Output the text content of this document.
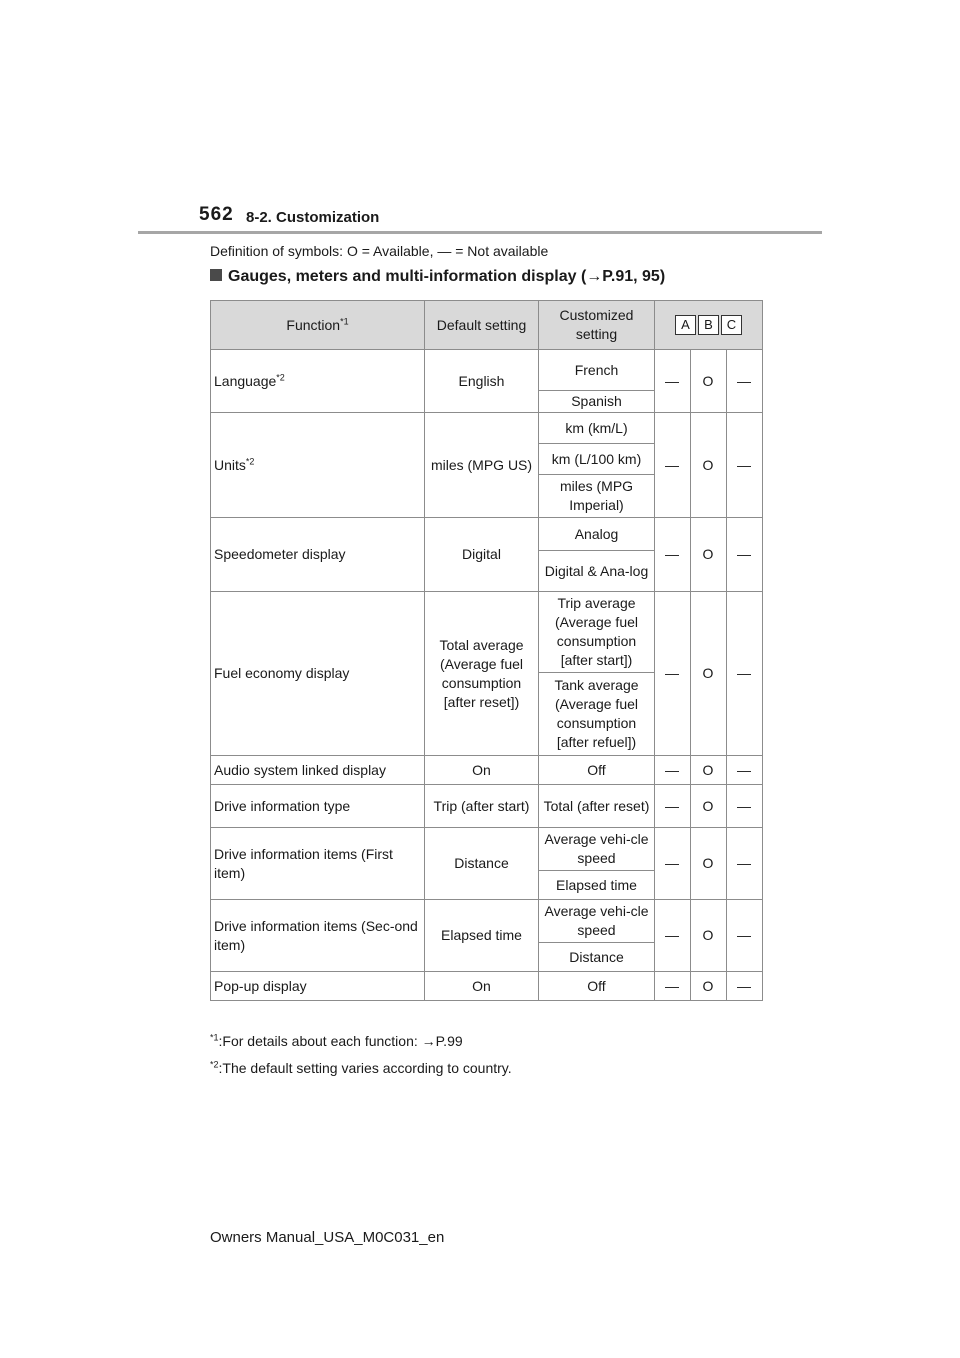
562 8-2. Customization
Definition of symbols: O = Available, — = Not available
Gauges, meters and multi-information display (→P.91, 95)
Function$^{*1}$	Default setting	Customized setting	A B C		
Language$^{*2}$	English	French	—	O	—
		Spanish			
Units$^{*2}$	miles (MPG US)	km (km/L)	—	O	—
		km (L/100 km)			
		miles (MPG Imperial)			
Speedometer display	Digital	Analog	—	O	—
		Digital & Ana-log			
Fuel economy display	Total average (Average fuel consumption [after reset])	Trip average (Average fuel consumption [after start])	—	O	—
		Tank average (Average fuel consumption [after refuel])			
Audio system linked display	On	Off	—	O	—
Drive information type	Trip (after start)	Total (after reset)	—	O	—
Drive information items (First item)	Distance	Average vehi-cle speed	—	O	—
		Elapsed time			
Drive information items (Sec-ond item)	Elapsed time	Average vehi-cle speed	—	O	—
		Distance			
Pop-up display	On	Off	—	O	—
$^{*1}$:For details about each function: →P.99
$^{*2}$:The default setting varies according to country.
Owners Manual_USA_M0C031_en
